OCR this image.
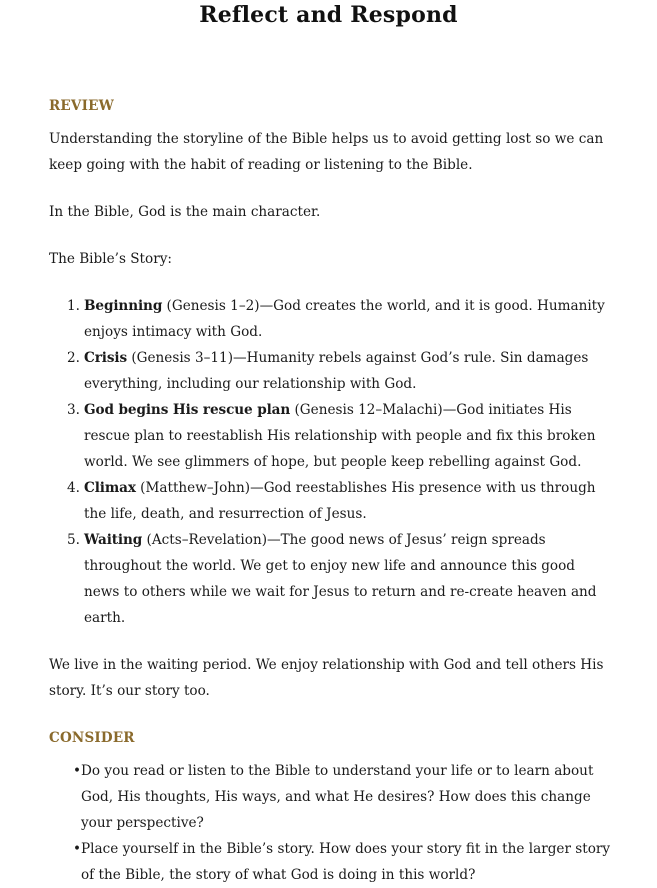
Reflect and Respond
REVIEW

Understanding the storyline of the Bible helps us to avoid getting lost so we can keep going with the habit of reading or listening to the Bible.

In the Bible, God is the main character.

The Bible’s Story:

1. Beginning (Genesis 1–2)—God creates the world, and it is good. Humanity enjoys intimacy with God.
2. Crisis (Genesis 3–11)—Humanity rebels against God’s rule. Sin damages everything, including our relationship with God.
3. God begins His rescue plan (Genesis 12–Malachi)—God initiates His rescue plan to reestablish His relationship with people and fix this broken world. We see glimmers of hope, but people keep rebelling against God.
4. Climax (Matthew–John)—God reestablishes His presence with us through the life, death, and resurrection of Jesus.
5. Waiting (Acts–Revelation)—The good news of Jesus’ reign spreads throughout the world. We get to enjoy new life and announce this good news to others while we wait for Jesus to return and re-create heaven and earth.

We live in the waiting period. We enjoy relationship with God and tell others His story. It’s our story too.

CONSIDER
•Do you read or listen to the Bible to understand your life or to learn about God, His thoughts, His ways, and what He desires? How does this change your perspective?
•Place yourself in the Bible’s story. How does your story fit in the larger story of the Bible, the story of what God is doing in this world?
